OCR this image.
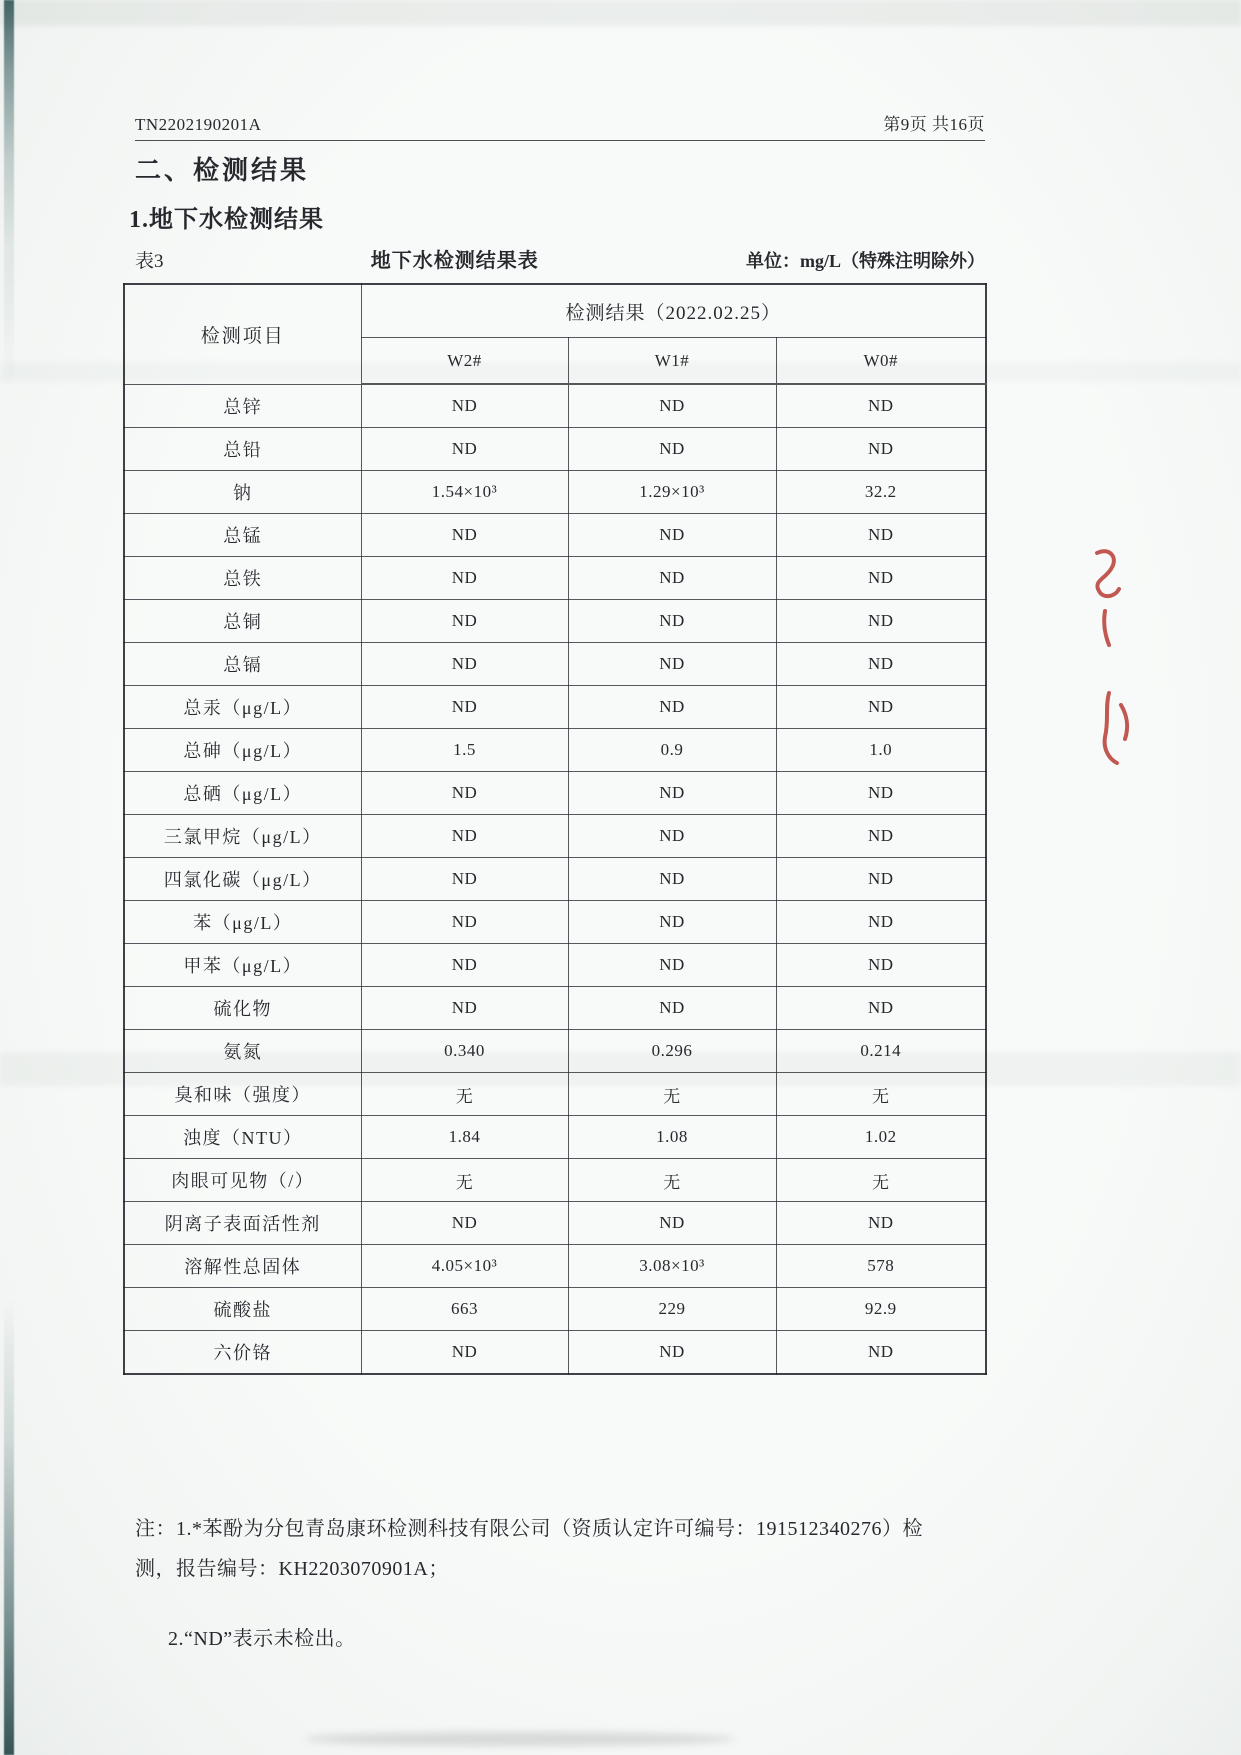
TN2202190201A	第9页 共16页
二、检测结果
1.地下水检测结果
表3	地下水检测结果表	单位：mg/L（特殊注明除外）
检测项目	检测结果（2022.02.25）		
	W2#	W1#	W0#
总锌	ND	ND	ND
总铅	ND	ND	ND
钠	1.54×10³	1.29×10³	32.2
总锰	ND	ND	ND
总铁	ND	ND	ND
总铜	ND	ND	ND
总镉	ND	ND	ND
总汞（μg/L）	ND	ND	ND
总砷（μg/L）	1.5	0.9	1.0
总硒（μg/L）	ND	ND	ND
三氯甲烷（μg/L）	ND	ND	ND
四氯化碳（μg/L）	ND	ND	ND
苯（μg/L）	ND	ND	ND
甲苯（μg/L）	ND	ND	ND
硫化物	ND	ND	ND
氨氮	0.340	0.296	0.214
臭和味（强度）	无	无	无
浊度（NTU）	1.84	1.08	1.02
肉眼可见物（/）	无	无	无
阴离子表面活性剂	ND	ND	ND
溶解性总固体	4.05×10³	3.08×10³	578
硫酸盐	663	229	92.9
六价铬	ND	ND	ND
注：1.*苯酚为分包青岛康环检测科技有限公司（资质认定许可编号：191512340276）检
测，报告编号：KH2203070901A；
2.“ND”表示未检出。
